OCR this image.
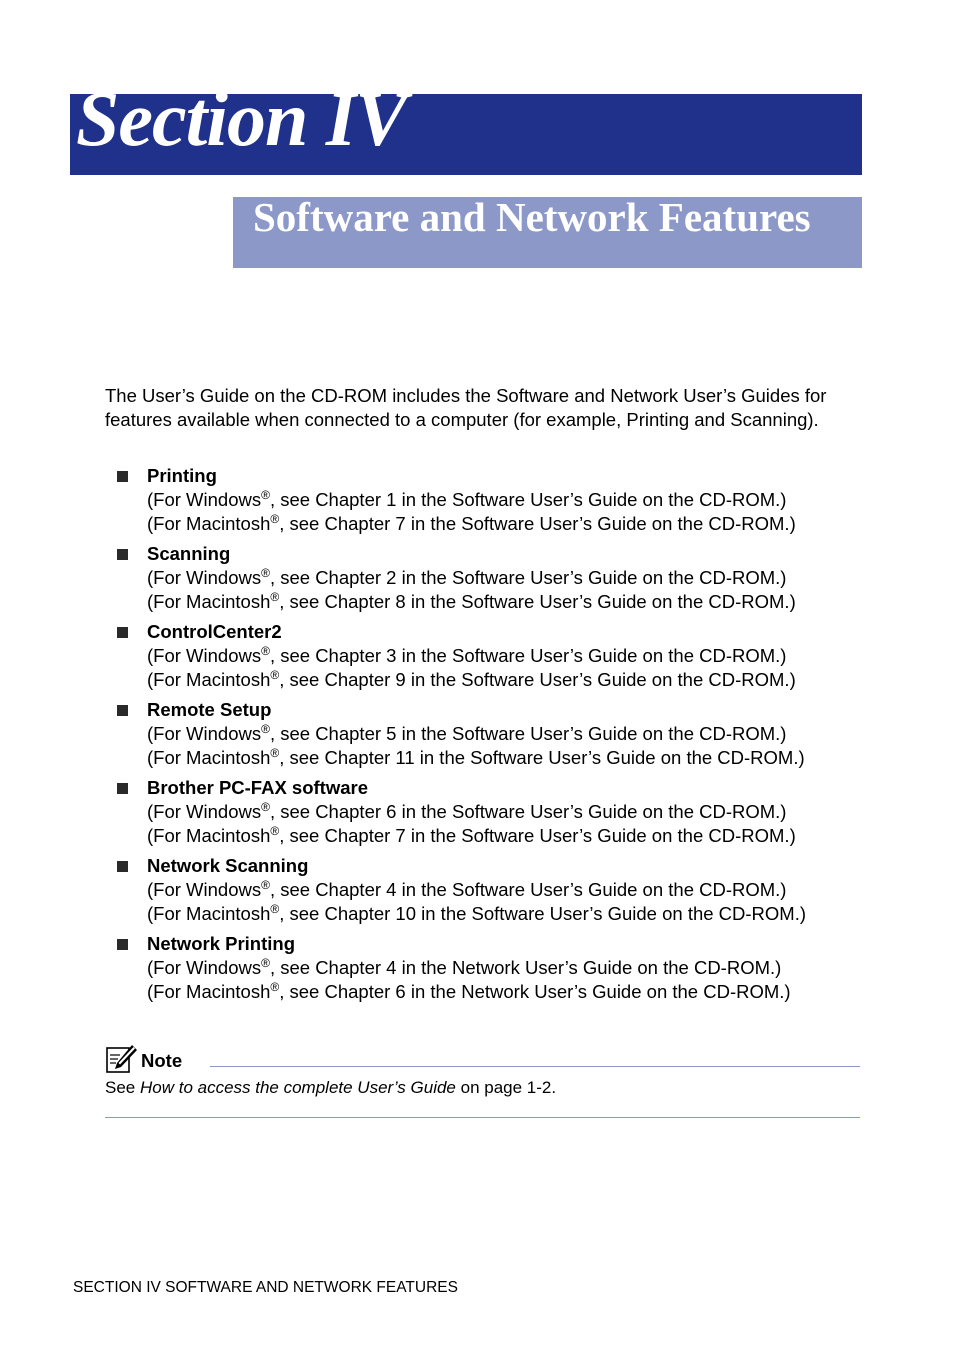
Section IV
Software and Network Features

The User’s Guide on the CD-ROM includes the Software and Network User’s Guides for features available when connected to a computer (for example, Printing and Scanning).

Printing
(For Windows®, see Chapter 1 in the Software User’s Guide on the CD-ROM.)
(For Macintosh®, see Chapter 7 in the Software User’s Guide on the CD-ROM.)
Scanning
(For Windows®, see Chapter 2 in the Software User’s Guide on the CD-ROM.)
(For Macintosh®, see Chapter 8 in the Software User’s Guide on the CD-ROM.)
ControlCenter2
(For Windows®, see Chapter 3 in the Software User’s Guide on the CD-ROM.)
(For Macintosh®, see Chapter 9 in the Software User’s Guide on the CD-ROM.)
Remote Setup
(For Windows®, see Chapter 5 in the Software User’s Guide on the CD-ROM.)
(For Macintosh®, see Chapter 11 in the Software User’s Guide on the CD-ROM.)
Brother PC-FAX software
(For Windows®, see Chapter 6 in the Software User’s Guide on the CD-ROM.)
(For Macintosh®, see Chapter 7 in the Software User’s Guide on the CD-ROM.)
Network Scanning
(For Windows®, see Chapter 4 in the Software User’s Guide on the CD-ROM.)
(For Macintosh®, see Chapter 10 in the Software User’s Guide on the CD-ROM.)
Network Printing
(For Windows®, see Chapter 4 in the Network User’s Guide on the CD-ROM.)
(For Macintosh®, see Chapter 6 in the Network User’s Guide on the CD-ROM.)
Note
See How to access the complete User’s Guide on page 1-2.
SECTION IV SOFTWARE AND NETWORK FEATURES
